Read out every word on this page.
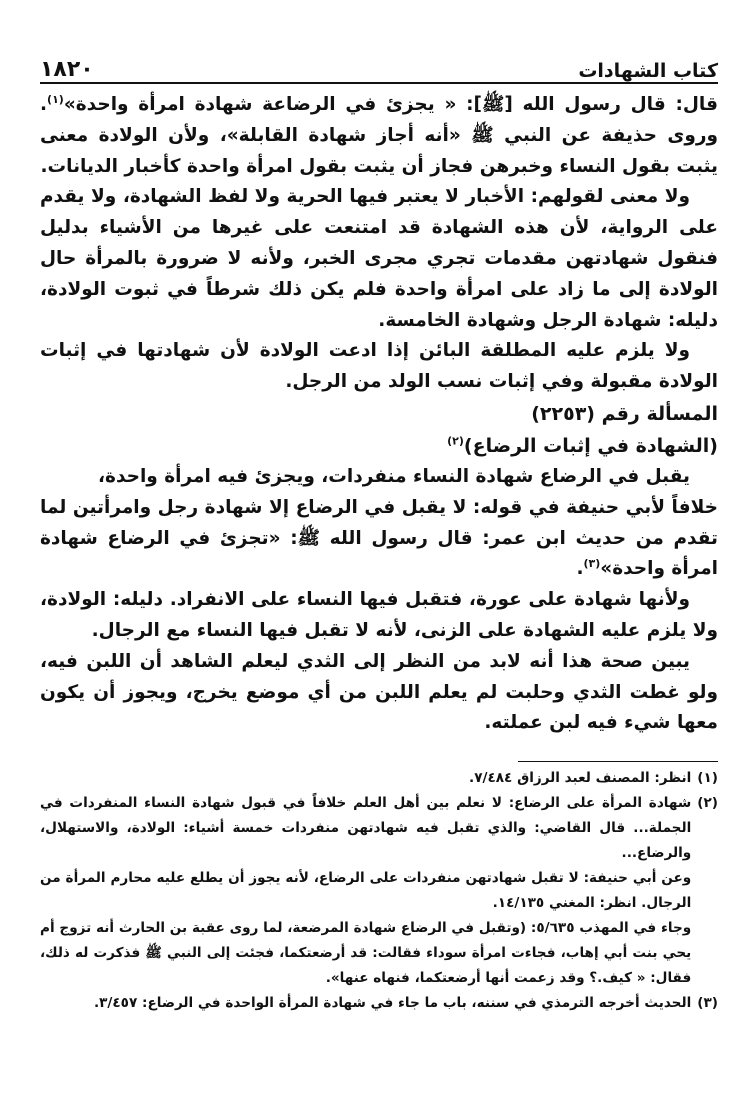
كتاب الشهادات
١٨٢٠

قال: قال رسول الله [ﷺ]: « يجزئ في الرضاعة شهادة امرأة واحدة»$^{(١)}$. وروى حذيفة عن النبي ﷺ «أنه أجاز شهادة القابلة»، ولأن الولادة معنى يثبت بقول النساء وخبرهن فجاز أن يثبت بقول امرأة واحدة كأخبار الديانات.

ولا معنى لقولهم: الأخبار لا يعتبر فيها الحرية ولا لفظ الشهادة، ولا يقدم على الرواية، لأن هذه الشهادة قد امتنعت على غيرها من الأشياء بدليل فنقول شهادتهن مقدمات تجري مجرى الخبر، ولأنه لا ضرورة بالمرأة حال الولادة إلى ما زاد على امرأة واحدة فلم يكن ذلك شرطاً في ثبوت الولادة، دليله: شهادة الرجل وشهادة الخامسة.

ولا يلزم عليه المطلقة البائن إذا ادعت الولادة لأن شهادتها في إثبات الولادة مقبولة وفي إثبات نسب الولد من الرجل.

المسألة رقم (٢٢٥٣)

(الشهادة في إثبات الرضاع)$^{(٢)}$

يقبل في الرضاع شهادة النساء منفردات، ويجزئ فيه امرأة واحدة،

خلافاً لأبي حنيفة في قوله: لا يقبل في الرضاع إلا شهادة رجل وامرأتين لما تقدم من حديث ابن عمر: قال رسول الله ﷺ: «تجزئ في الرضاع شهادة امرأة واحدة»$^{(٣)}$.

ولأنها شهادة على عورة، فتقبل فيها النساء على الانفراد. دليله: الولادة، ولا يلزم عليه الشهادة على الزنى، لأنه لا تقبل فيها النساء مع الرجال.

يبين صحة هذا أنه لابد من النظر إلى الثدي ليعلم الشاهد أن اللبن فيه، ولو غطت الثدي وحلبت لم يعلم اللبن من أي موضع يخرج، ويجوز أن يكون معها شيء فيه لبن عملته.

(١)

انظر: المصنف لعبد الرزاق ٧/٤٨٤.

(٢)

شهادة المرأة على الرضاع: لا نعلم بين أهل العلم خلافاً في قبول شهادة النساء المنفردات في الجملة... قال القاضي: والذي تقبل فيه شهادتهن منفردات خمسة أشياء: الولادة، والاستهلال، والرضاع...

وعن أبي حنيفة: لا تقبل شهادتهن منفردات على الرضاع، لأنه يجوز أن يطلع عليه محارم المرأة من الرجال. انظر: المغني ١٤/١٣٥.

وجاء في المهذب ٥/٦٣٥: (وتقبل في الرضاع شهادة المرضعة، لما روى عقبة بن الحارث أنه تزوج أم يحي بنت أبي إهاب، فجاءت امرأة سوداء فقالت: قد أرضعتكما، فجئت إلى النبي ﷺ فذكرت له ذلك، فقال: « كيف.؟ وقد زعمت أنها أرضعتكما، فنهاه عنها».

(٣)

الحديث أخرجه الترمذي في سننه، باب ما جاء في شهادة المرأة الواحدة في الرضاع: ٣/٤٥٧.
